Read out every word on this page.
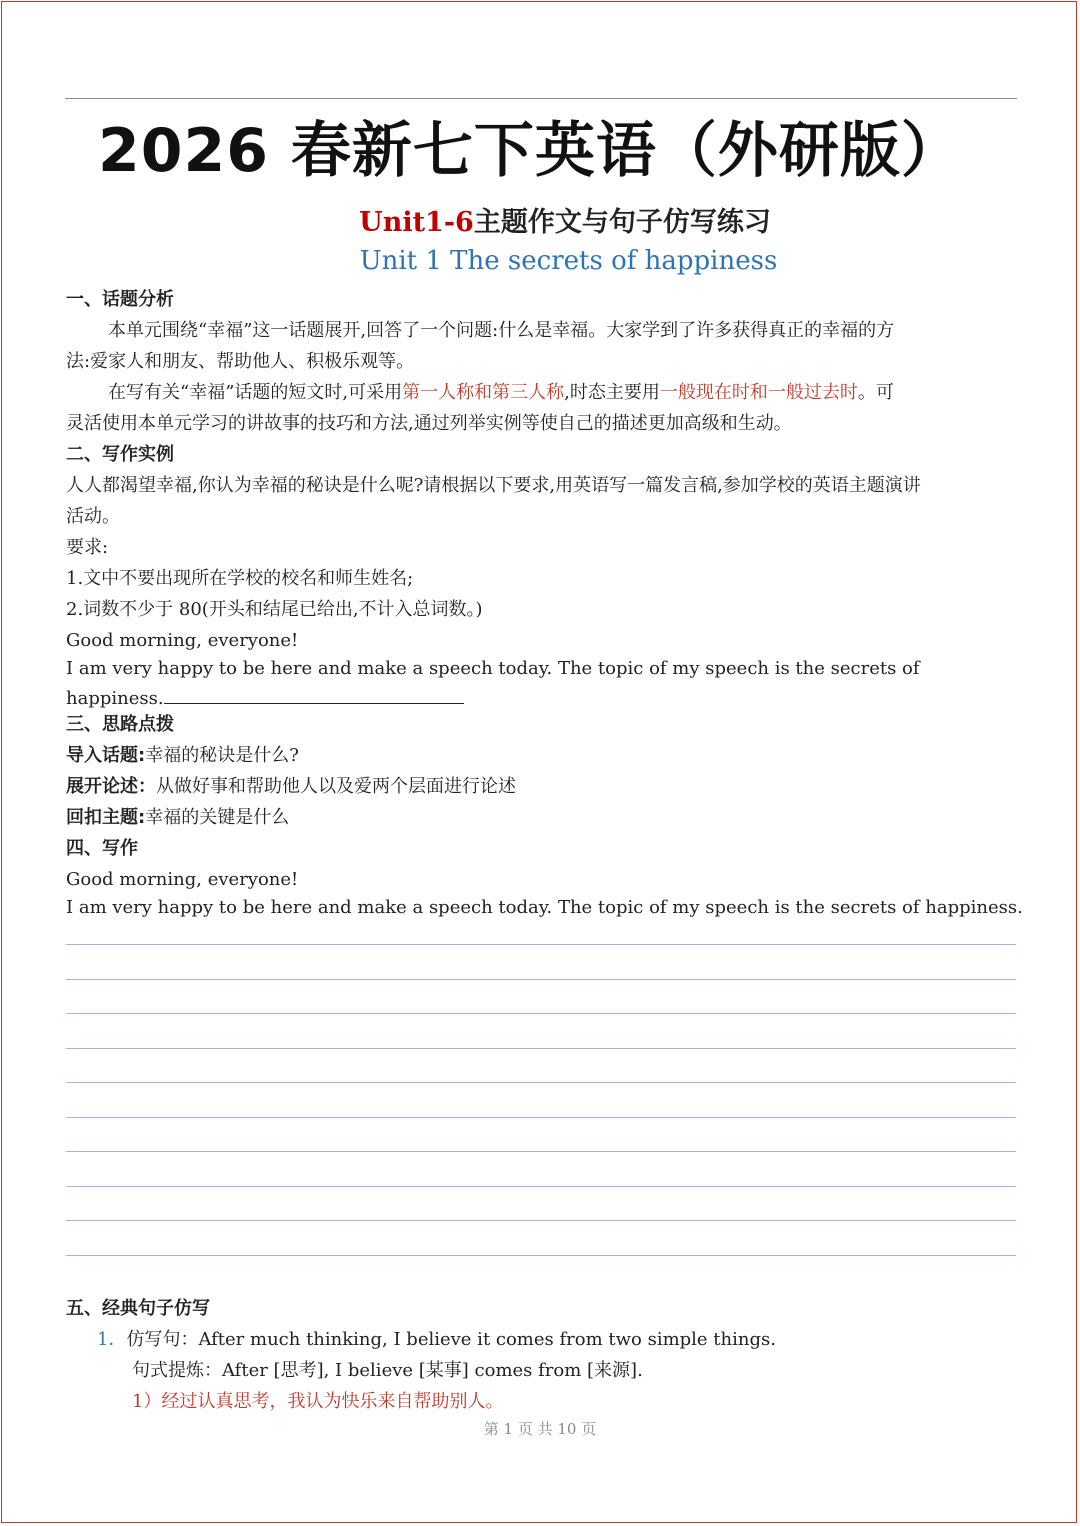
2026 春新七下英语（外研版）
Unit1-6主题作文与句子仿写练习
Unit 1 The secrets of happiness
一、话题分析
本单元围绕“幸福”这一话题展开,回答了一个问题:什么是幸福。大家学到了许多获得真正的幸福的方
法:爱家人和朋友、帮助他人、积极乐观等。
在写有关“幸福”话题的短文时,可采用第一人称和第三人称,时态主要用一般现在时和一般过去时。可
灵活使用本单元学习的讲故事的技巧和方法,通过列举实例等使自己的描述更加高级和生动。
二、写作实例
人人都渴望幸福,你认为幸福的秘诀是什么呢?请根据以下要求,用英语写一篇发言稿,参加学校的英语主题演讲
活动。
要求:
1.文中不要出现所在学校的校名和师生姓名;
2.词数不少于 80(开头和结尾已给出,不计入总词数。)
Good morning, everyone!
I am very happy to be here and make a speech today. The topic of my speech is the secrets of
happiness.
三、思路点拨
导入话题:幸福的秘诀是什么?
展开论述：从做好事和帮助他人以及爱两个层面进行论述
回扣主题:幸福的关键是什么
四、写作
Good morning, everyone!
I am very happy to be here and make a speech today. The topic of my speech is the secrets of happiness.
五、经典句子仿写
1．仿写句：After much thinking, I believe it comes from two simple things.
句式提炼：After [思考], I believe [某事] comes from [来源].
1）经过认真思考，我认为快乐来自帮助别人。
第 1 页 共 10 页
